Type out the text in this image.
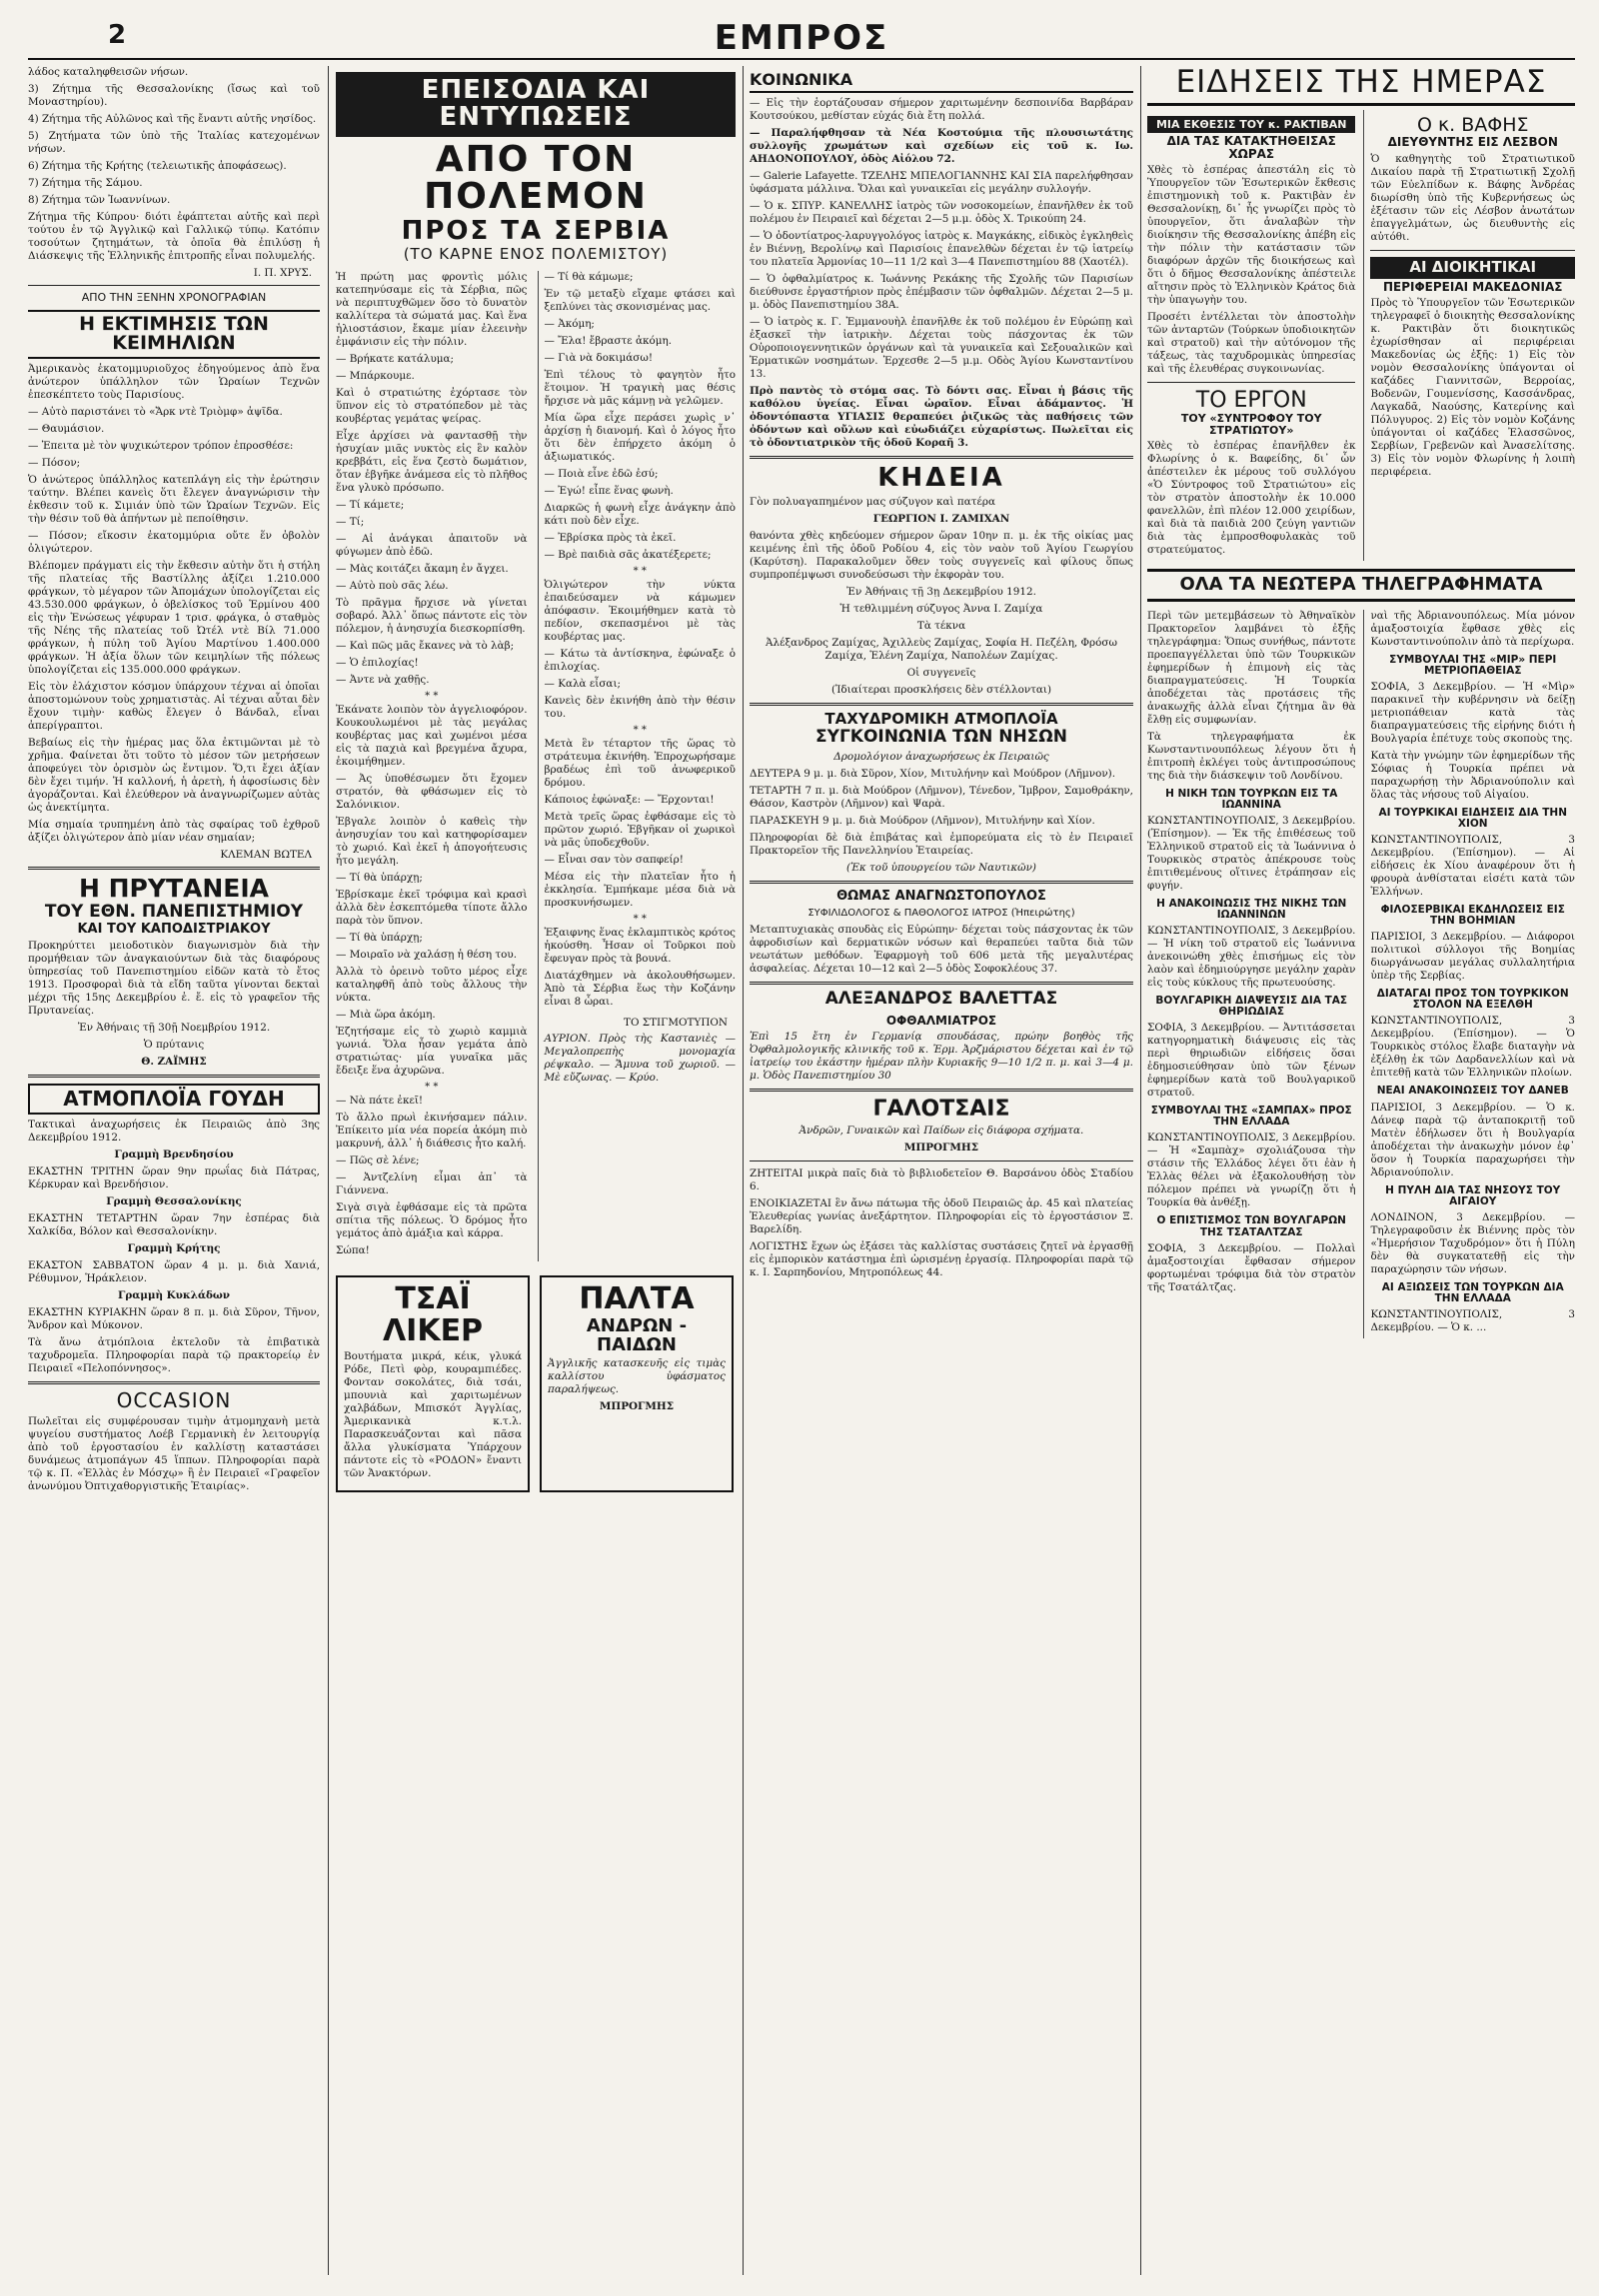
2	ΕΜΠΡΟΣ

λάδος καταληφθεισῶν νήσων.

3) Ζήτημα τῆς Θεσσαλονίκης (ἴσως καὶ τοῦ Μοναστηρίου).

4) Ζήτημα τῆς Αὐλῶνος καὶ τῆς ἔναντι αὐτῆς νησίδος.

5) Ζητήματα τῶν ὑπὸ τῆς Ἰταλίας κατεχομένων νήσων.

6) Ζήτημα τῆς Κρήτης (τελειωτικῆς ἀποφάσεως).

7) Ζήτημα τῆς Σάμου.

8) Ζήτημα τῶν Ἰωαννίνων.

Ζήτημα τῆς Κύπρου· διότι ἐφάπτεται αὐτῆς καὶ περὶ τούτου ἐν τῷ Ἀγγλικῷ καὶ Γαλλικῷ τύπῳ. Κατόπιν τοσούτων ζητημάτων, τὰ ὁποῖα θὰ ἐπιλύσῃ ἡ Διάσκεψις τῆς Ἑλληνικῆς ἐπιτροπῆς εἶναι πολυμελής.

Ι. Π. ΧΡΥΣ.
ΑΠΟ ΤΗΝ ΞΕΝΗΝ ΧΡΟΝΟΓΡΑΦΙΑΝ
Η ΕΚΤΙΜΗΣΙΣ ΤΩΝ ΚΕΙΜΗΛΙΩΝ

Ἀμερικανὸς ἑκατομμυριοῦχος ἐδηγούμενος ἀπὸ ἕνα ἀνώτερον ὑπάλληλον τῶν Ὡραίων Τεχνῶν ἐπεσκέπτετο τοὺς Παρισίους.

— Αὐτὸ παριστάνει τὸ «Ἄρκ ντὲ Τριὸμφ» ἀψῖδα.

— Θαυμάσιον.

— Ἐπειτα μὲ τὸν ψυχικώτερον τρόπον ἐπροσθέσε:

— Πόσον;

Ὁ ἀνώτερος ὑπάλληλος κατεπλάγη εἰς τὴν ἐρώτησιν ταύτην. Βλέπει κανεὶς ὅτι ἔλεγεν ἀναγνώρισιν τὴν ἐκθεσιν τοῦ κ. Σιμιάν ὑπὸ τῶν Ὡραίων Τεχνῶν. Εἰς τὴν θέσιν τοῦ θὰ ἀπήντων μὲ πεποίθησιν.

— Πόσον; εἴκοσιν ἑκατομμύρια οὔτε ἕν ὀβολὸν ὀλιγώτερον.

Βλέπομεν πράγματι εἰς τὴν ἔκθεσιν αὐτὴν ὅτι ἡ στήλη τῆς πλατείας τῆς Βαστίλλης ἀξίζει 1.210.000 φράγκων, τὸ μέγαρον τῶν Ἀπομάχων ὑπολογίζεται εἰς 43.530.000 φράγκων, ὁ ὀβελίσκος τοῦ Ἑρμίνου 400 εἰς τὴν Ἑνώσεως γέφυραν 1 τρισ. φράγκα, ὁ σταθμὸς τῆς Νέης τῆς πλατείας τοῦ Ὠτέλ ντὲ Βίλ 71.000 φράγκων, ἡ πύλη τοῦ Ἁγίου Μαρτίνου 1.400.000 φράγκων. Ἡ ἀξία ὅλων τῶν κειμηλίων τῆς πόλεως ὑπολογίζεται εἰς 135.000.000 φράγκων.

Εἰς τὸν ἐλάχιστον κόσμον ὑπάρχουν τέχναι αἱ ὁποῖαι ἀποστομώνουν τοὺς χρηματιστὰς. Αἱ τέχναι αὗται δὲν ἔχουν τιμὴν· καθὼς ἔλεγεν ὁ Βάνδαλ, εἶναι ἀπερίγραπτοι.

Βεβαίως εἰς τὴν ἡμέρας μας ὅλα ἐκτιμῶνται μὲ τὸ χρῆμα. Φαίνεται ὅτι τοῦτο τὸ μέσον τῶν μετρήσεων ἀποφεύγει τὸν ὁρισμὸν ὡς ἔντιμον. Ὅ,τι ἔχει ἀξίαν δὲν ἔχει τιμήν. Ἡ καλλονή, ἡ ἀρετὴ, ἡ ἀφοσίωσις δὲν ἀγοράζονται. Καὶ ἐλεύθερον νὰ ἀναγνωρίζωμεν αὐτὰς ὡς ἀνεκτίμητα.

Μία σημαία τρυπημένη ἀπὸ τὰς σφαίρας τοῦ ἐχθροῦ ἀξίζει ὀλιγώτερον ἀπὸ μίαν νέαν σημαίαν;

ΚΛΕΜΑΝ ΒΩΤΕΛ
Η ΠΡΥΤΑΝΕΙΑ
ΤΟΥ ΕΘΝ. ΠΑΝΕΠΙΣΤΗΜΙΟΥ
ΚΑΙ ΤΟΥ ΚΑΠΟΔΙΣΤΡΙΑΚΟΥ

Προκηρύττει μειοδοτικὸν διαγωνισμὸν διὰ τὴν προμήθειαν τῶν ἀναγκαιούντων διὰ τὰς διαφόρους ὑπηρεσίας τοῦ Πανεπιστημίου εἰδῶν κατὰ τὸ ἔτος 1913. Προσφοραὶ διὰ τὰ εἴδη ταῦτα γίνονται δεκταὶ μέχρι τῆς 15ης Δεκεμβρίου ἐ. ἔ. εἰς τὸ γραφεῖον τῆς Πρυτανείας.

Ἐν Ἀθήναις τῇ 30ῇ Νοεμβρίου 1912.

Ὁ πρύτανις

Θ. ΖΑΪΜΗΣ

ΑΤΜΟΠΛΟΪΑ ΓΟΥΔΗ

Τακτικαὶ ἀναχωρήσεις ἐκ Πειραιῶς ἀπὸ 3ης Δεκεμβρίου 1912.

Γραμμὴ Βρενδησίου

ΕΚΑΣΤΗΝ ΤΡΙΤΗΝ ὥραν 9ην πρωΐας διὰ Πάτρας, Κέρκυραν καὶ Βρενδήσιον.

Γραμμὴ Θεσσαλονίκης

ΕΚΑΣΤΗΝ ΤΕΤΑΡΤΗΝ ὥραν 7ην ἑσπέρας διὰ Χαλκίδα, Βόλον καὶ Θεσσαλονίκην.

Γραμμὴ Κρήτης

ΕΚΑΣΤΟΝ ΣΑΒΒΑΤΟΝ ὥραν 4 μ. μ. διὰ Χανιά, Ρέθυμνον, Ἡράκλειον.

Γραμμὴ Κυκλάδων

ΕΚΑΣΤΗΝ ΚΥΡΙΑΚΗΝ ὥραν 8 π. μ. διὰ Σῦρον, Τῆνον, Ἄνδρον καὶ Μύκονον.

Τὰ ἄνω ἀτμόπλοια ἐκτελοῦν τὰ ἐπιβατικὰ ταχυδρομεῖα. Πληροφορίαι παρὰ τῷ πρακτορείῳ ἐν Πειραιεῖ «Πελοπόννησος».

OCCASION

Πωλεῖται εἰς συμφέρουσαν τιμὴν ἀτμομηχανὴ μετὰ ψυγείου συστήματος Λοέβ Γερμανικὴ ἐν λειτουργίᾳ ἀπὸ τοῦ ἐργοστασίου ἐν καλλίστῃ καταστάσει δυνάμεως ἀτμοπάγων 45 ἵππων. Πληροφορίαι παρὰ τῷ κ. Π. «Ἑλλὰς ἐν Μόσχῳ» ἢ ἐν Πειραιεῖ «Γραφεῖον ἀνωνύμου Ὀπτιχαθοργιστικῆς Ἑταιρίας».

ΕΠΕΙΣΟΔΙΑ ΚΑΙ ΕΝΤΥΠΩΣΕΙΣ
ΑΠΟ ΤΟΝ ΠΟΛΕΜΟΝ
ΠΡΟΣ ΤΑ ΣΕΡΒΙΑ
(ΤΟ ΚΑΡΝΕ ΕΝΟΣ ΠΟΛΕΜΙΣΤΟΥ)

Ἡ πρώτη μας φροντὶς μόλις κατεπηνύσαμε εἰς τὰ Σέρβια, πῶς νὰ περιπτυχθῶμεν ὅσο τὸ δυνατὸν καλλίτερα τὰ σώματά μας. Καὶ ἕνα ἡλιοστάσιον, ἔκαμε μίαν ἐλεεινὴν ἐμφάνισιν εἰς τὴν πόλιν.

— Βρήκατε κατάλυμα;

— Μπάρκουμε.

Καὶ ὁ στρατιώτης ἐχόρτασε τὸν ὕπνον εἰς τὸ στρατόπεδον μὲ τὰς κουβέρτας γεμάτας ψείρας.

Εἶχε ἀρχίσει νὰ φαντασθῇ τὴν ἡσυχίαν μιᾶς νυκτὸς εἰς ἓν καλὸν κρεββάτι, εἰς ἕνα ζεστὸ δωμάτιον, ὅταν ἐβγῆκε ἀνάμεσα εἰς τὸ πλῆθος ἕνα γλυκὸ πρόσωπο.

— Τί κάμετε;

— Τί;

— Αἱ ἀνάγκαι ἀπαιτοῦν νὰ φύγωμεν ἀπὸ ἐδῶ.

— Μὰς κοιτάζει ἄκαμη ἐν ἄγχει.

— Αὐτὸ ποὺ σᾶς λέω.

Τὸ πρᾶγμα ἤρχισε νὰ γίνεται σοβαρό. Ἀλλ᾿ ὅπως πάντοτε εἰς τὸν πόλεμον, ἡ ἀνησυχία διεσκορπίσθη.

— Καὶ πῶς μᾶς ἔκανες νὰ τὸ λὰβ;

— Ὁ ἐπιλοχίας!

— Ἀντε νὰ χαθῇς.

* *

Ἐκάνατε λοιπὸν τὸν ἀγγελιοφόρον. Κουκουλωμένοι μὲ τὰς μεγάλας κουβέρτας μας καὶ χωμένοι μέσα εἰς τὰ παχιὰ καὶ βρεγμένα ἄχυρα, ἐκοιμήθημεν.

— Ἀς ὑποθέσωμεν ὅτι ἔχομεν στρατόν, θὰ φθάσωμεν εἰς τὸ Σαλόνικιον.

Ἐβγαλε λοιπὸν ὁ καθεὶς τὴν ἀνησυχίαν του καὶ κατηφορίσαμεν τὸ χωριό. Καὶ ἐκεῖ ἡ ἀπογοήτευσις ἦτο μεγάλη.

— Τί θὰ ὑπάρχῃ;

Ἐβρίσκαμε ἐκεῖ τρόφιμα καὶ κρασὶ ἀλλὰ δὲν ἐσκεπτόμεθα τίποτε ἄλλο παρὰ τὸν ὕπνον.

— Τί θὰ ὑπάρχῃ;

— Μοιραῖο νὰ χαλάσῃ ἡ θέση του.

Ἀλλὰ τὸ ὀρεινὸ τοῦτο μέρος εἶχε καταληφθῆ ἀπὸ τοὺς ἄλλους τὴν νύκτα.

— Μιὰ ὥρα ἀκόμη.

Ἐζητήσαμε εἰς τὸ χωριὸ καμμιὰ γωνιά. Ὅλα ἦσαν γεμάτα ἀπὸ στρατιώτας· μία γυναῖκα μᾶς ἔδειξε ἕνα ἀχυρῶνα.

* *

— Νὰ πάτε ἐκεῖ!

Τὸ ἄλλο πρωὶ ἐκινήσαμεν πάλιν. Ἐπίκειτο μία νέα πορεία ἀκόμη πιὸ μακρυνή, ἀλλ᾿ ἡ διάθεσις ἦτο καλή.

— Πῶς σὲ λένε;

— Ἀντζελίνη εἶμαι ἀπ᾿ τὰ Γιάννενα.

Σιγὰ σιγὰ ἐφθάσαμε εἰς τὰ πρῶτα σπίτια τῆς πόλεως. Ὁ δρόμος ἦτο γεμάτος ἀπὸ ἁμάξια καὶ κάρρα.

Σώπα!

— Τί θὰ κάμωμε;

Ἐν τῷ μεταξὺ εἴχαμε φτάσει καὶ ξεπλύνει τὰς σκονισμένας μας.

— Ἀκόμη;

— Ἔλα! ἔβραστε ἀκόμη.

— Γιὰ νὰ δοκιμάσω!

Ἐπὶ τέλους τὸ φαγητὸν ἦτο ἕτοιμον. Ἡ τραγικὴ μας θέσις ἤρχισε νὰ μᾶς κάμνῃ νὰ γελῶμεν.

Μία ὥρα εἶχε περάσει χωρὶς ν᾿ ἀρχίσῃ ἡ διανομή. Καὶ ὁ λόγος ἦτο ὅτι δὲν ἐπήρχετο ἀκόμη ὁ ἀξιωματικός.

— Ποιὰ εἶνε ἐδῶ ἐσύ;

— Ἐγώ! εἶπε ἕνας φωνὴ.

Διαρκῶς ἡ φωνὴ εἶχε ἀνάγκην ἀπὸ κάτι ποὺ δὲν εἶχε.

— Ἐβρίσκα πρὸς τὰ ἐκεῖ.

— Βρὲ παιδιὰ σᾶς ἀκατέξερετε;

* *

Ὀλιγώτερον τὴν νύκτα ἐπαιδεύσαμεν νὰ κάμωμεν ἀπόφασιν. Ἐκοιμήθημεν κατὰ τὸ πεδίον, σκεπασμένοι μὲ τὰς κουβέρτας μας.

— Κάτω τὰ ἀντίσκηνα, ἐφώναξε ὁ ἐπιλοχίας.

— Καλὰ εἶσαι;

Κανεὶς δὲν ἐκινήθη ἀπὸ τὴν θέσιν του.

* *

Μετὰ ἓν τέταρτον τῆς ὥρας τὸ στράτευμα ἐκινήθη. Ἐπροχωρήσαμε βραδέως ἐπὶ τοῦ ἀνωφερικοῦ δρόμου.

Κάποιος ἐφώναξε: — Ἔρχονται!

Μετὰ τρεῖς ὥρας ἐφθάσαμε εἰς τὸ πρῶτον χωριό. Ἐβγῆκαν οἱ χωρικοὶ νὰ μᾶς ὑποδεχθοῦν.

— Εἶναι σαν τὸν σαπφείρ!

Μέσα εἰς τὴν πλατεῖαν ἦτο ἡ ἐκκλησία. Ἐμπήκαμε μέσα διὰ νὰ προσκυνήσωμεν.

* *

Ἐξαιφνης ἕνας ἐκλαμπτικὸς κρότος ἠκούσθη. Ἦσαν οἱ Τοῦρκοι ποὺ ἔφευγαν πρὸς τὰ βουνά.

Διατάχθημεν νὰ ἀκολουθήσωμεν. Ἀπὸ τὰ Σέρβια ἕως τὴν Κοζάνην εἶναι 8 ὧραι.

ΤΟ ΣΤΙΓΜΟΤΥΠΟΝ

ΑΥΡΙΟΝ. Πρὸς τὴς Καστανιὲς — Μεγαλοπρεπὴς μονομαχία ρέψκαλο. — Ἄμυνα τοῦ χωριοῦ. — Μὲ εὔζωνας. — Κρύο.

ΤΣΑΪ ΛΙΚΕΡ

Βουτήματα μικρά, κέικ, γλυκά Ρόδε, Πετὶ φὸρ, κουραμπιέδες. Φονταν σοκολάτες, διὰ τσάι, μπουνιὰ καὶ χαριτωμένων χαλβάδων, Μπισκότ Ἀγγλίας, Ἀμερικανικὰ κ.τ.λ. Παρασκευάζονται καὶ πᾶσα ἄλλα γλυκίσματα Ὑπάρχουν πάντοτε εἰς τὸ «ΡΟΔΟΝ» ἔναντι τῶν Ἀνακτόρων.

ΠΑΛΤΑ
ΑΝΔΡΩΝ - ΠΑΙΔΩΝ

Ἀγγλικῆς κατασκευῆς εἰς τιμὰς καλλίστου ὑφάσματος παραλήψεως.

ΜΠΡΟΓΜΗΣ

ΚΟΙΝΩΝΙΚΑ

— Εἰς τὴν ἑορτάζουσαν σήμερον χαριτωμένην δεσποινίδα Βαρβάραν Κουτσούκου, μεθίσταν εὐχάς διὰ ἔτη πολλά.

— Παραλήφθησαν τὰ Νέα Κοστούμια τῆς πλουσιωτάτης συλλογῆς χρωμάτων καὶ σχεδίων εἰς τοῦ κ. Ιω. ΑΗΔΟΝΟΠΟΥΛΟΥ, ὁδὸς Αἰόλου 72.

— Galerie Lafayette. ΤΖΕΛΗΣ ΜΠΕΛΟΓΙΑΝΝΗΣ ΚΑΙ ΣΙΑ παρελήφθησαν ὑφάσματα μάλλινα. Ὅλαι καὶ γυναικεῖαι εἰς μεγάλην συλλογήν.

— Ὁ κ. ΣΠΥΡ. ΚΑΝΕΛΛΗΣ ἰατρὸς τῶν νοσοκομείων, ἐπανῆλθεν ἐκ τοῦ πολέμου ἐν Πειραιεῖ καὶ δέχεται 2—5 μ.μ. ὁδὸς Χ. Τρικούπη 24.

— Ὁ ὀδοντίατρος-λαρυγγολόγος ἰατρὸς κ. Μαγκάκης, εἰδικὸς ἐγκληθεὶς ἐν Βιέννῃ, Βερολίνῳ καὶ Παρισίοις ἐπανελθὼν δέχεται ἐν τῷ ἰατρείῳ του πλατεῖα Ἁρμονίας 10—11 1/2 καὶ 3—4 Πανεπιστημίου 88 (Χαοτέλ).

— Ὁ ὀφθαλμίατρος κ. Ἰωάννης Ρεκάκης τῆς Σχολῆς τῶν Παρισίων διεύθυνσε ἐργαστήριον πρὸς ἐπέμβασιν τῶν ὀφθαλμῶν. Δέχεται 2—5 μ. μ. ὁδὸς Πανεπιστημίου 38Α.

— Ὁ ἰατρὸς κ. Γ. Ἐμμανουὴλ ἐπανῆλθε ἐκ τοῦ πολέμου ἐν Εὐρώπῃ καὶ ἐξασκεῖ τὴν ἰατρικὴν. Δέχεται τοὺς πάσχοντας ἐκ τῶν Οὐροποιογεννητικῶν ὀργάνων καὶ τὰ γυναικεῖα καὶ Σεξουαλικῶν καὶ Ἑρματικῶν νοσημάτων. Ἐρχεσθε 2—5 μ.μ. Οδὸς Ἁγίου Κωνσταντίνου 13.

Πρὸ παντὸς τὸ στόμα σας. Τὸ δόντι σας. Εἶναι ἡ βάσις τῆς καθόλου ὑγείας. Εἶναι ὠραῖον. Εἶναι ἀδάμαντος. Ἡ ὀδοντόπαστα ΥΓΙΑΣΙΣ θεραπεύει ῥιζικῶς τὰς παθήσεις τῶν ὀδόντων καὶ οὔλων καὶ εὐωδιάζει εὐχαρίστως. Πωλεῖται εἰς τὸ ὀδοντιατρικὸν τῆς ὁδοῦ Κοραῆ 3.

ΚΗΔΕΙΑ

Γὸν πολυαγαπημένον μας σύζυγον καὶ πατέρα

ΓΕΩΡΓΙΟΝ Ι. ΖΑΜΙΧΑΝ

θανόντα χθὲς κηδεύομεν σήμερον ὥραν 10ην π. μ. ἐκ τῆς οἰκίας μας κειμένης ἐπὶ τῆς ὁδοῦ Ροδίου 4, εἰς τὸν ναὸν τοῦ Ἁγίου Γεωργίου (Καρύτση). Παρακαλοῦμεν ὅθεν τοὺς συγγενεῖς καὶ φίλους ὅπως συμπροπέμψωσι συνοδεύσωσι τὴν ἐκφορὰν του.

Ἐν Ἀθήναις τῇ 3ῃ Δεκεμβρίου 1912.

Ἡ τεθλιμμένη σύζυγος Ἀννα Ι. Ζαμίχα

Τὰ τέκνα

Ἀλέξανδρος Ζαμίχας, Ἀχιλλεὺς Ζαμίχας, Σοφία Η. Πεζέλη, Φρόσω Ζαμίχα, Ἑλένη Ζαμίχα, Ναπολέων Ζαμίχας.

Οἱ συγγενεῖς

(Ἰδιαίτεραι προσκλήσεις δὲν στέλλονται)

ΤΑΧΥΔΡΟΜΙΚΗ ΑΤΜΟΠΛΟΪΑ
ΣΥΓΚΟΙΝΩΝΙΑ ΤΩΝ ΝΗΣΩΝ

Δρομολόγιον ἀναχωρήσεως ἐκ Πειραιῶς

ΔΕΥΤΕΡΑ 9 μ. μ. διὰ Σῦρον, Χίον, Μιτυλήνην καὶ Μούδρον (Λῆμνον).

ΤΕΤΑΡΤΗ 7 π. μ. διὰ Μούδρον (Λῆμνον), Τένεδον, Ἴμβρον, Σαμοθράκην, Θάσον, Καστρὸν (Λῆμνον) καὶ Ψαρὰ.

ΠΑΡΑΣΚΕΥΗ 9 μ. μ. διὰ Μούδρον (Λῆμνον), Μιτυλήνην καὶ Χίον.

Πληροφορίαι δὲ διὰ ἐπιβάτας καὶ ἐμπορεύματα εἰς τὸ ἐν Πειραιεῖ Πρακτορεῖον τῆς Πανελληνίου Ἑταιρείας.

(Ἐκ τοῦ ὑπουργείου τῶν Ναυτικῶν)

ΘΩΜΑΣ ΑΝΑΓΝΩΣΤΟΠΟΥΛΟΣ
ΣΥΦΙΛΙΔΟΛΟΓΟΣ & ΠΑΘΟΛΟΓΟΣ ΙΑΤΡΟΣ (Ἠπειρώτης)

Μεταπτυχιακὰς σπουδὰς εἰς Εὐρώπην· δέχεται τοὺς πάσχοντας ἐκ τῶν ἀφροδισίων καὶ δερματικῶν νόσων καὶ θεραπεύει ταῦτα διὰ τῶν νεωτάτων μεθόδων. Ἐφαρμογὴ τοῦ 606 μετὰ τῆς μεγαλυτέρας ἀσφαλείας. Δέχεται 10—12 καὶ 2—5 ὁδὸς Σοφοκλέους 37.

ΑΛΕΞΑΝΔΡΟΣ ΒΑΛΕΤΤΑΣ
ΟΦΘΑΛΜΙΑΤΡΟΣ

Ἐπὶ 15 ἔτη ἐν Γερμανίᾳ σπουδάσας, πρώην βοηθὸς τῆς Ὀφθαλμολογικῆς κλινικῆς τοῦ κ. Ἐρμ. Ἀρζμάριστου δέχεται καὶ ἐν τῷ ἰατρείῳ του ἐκάστην ἡμέραν πλὴν Κυριακῆς 9—10 1/2 π. μ. καὶ 3—4 μ. μ. Ὁδὸς Πανεπιστημίου 30

ΓΑΛΟΤΣΑΙΣ

Ἀνδρῶν, Γυναικῶν καὶ Παίδων εἰς διάφορα σχήματα.

ΜΠΡΟΓΜΗΣ

ΖΗΤΕΙΤΑΙ μικρὰ παῖς διὰ τὸ βιβλιοδετεῖον Θ. Βαρσάνου ὁδὸς Σταδίου 6.

ΕΝΟΙΚΙΑΖΕΤΑΙ ἓν ἄνω πάτωμα τῆς ὁδοῦ Πειραιῶς ἀρ. 45 καὶ πλατείας Ἐλευθερίας γωνίας ἀνεξάρτητον. Πληροφορίαι εἰς τὸ ἐργοστάσιον Ξ. Βαρελίδη.

ΛΟΓΙΣΤΗΣ ἔχων ὡς ἐξάσει τὰς καλλίστας συστάσεις ζητεῖ νὰ ἐργασθῇ εἰς ἐμπορικὸν κατάστημα ἐπὶ ὡρισμένῃ ἐργασίᾳ. Πληροφορίαι παρὰ τῷ κ. Ι. Σαρπηδονίου, Μητροπόλεως 44.

ΕΙΔΗΣΕΙΣ ΤΗΣ ΗΜΕΡΑΣ
ΜΙΑ ΕΚΘΕΣΙΣ ΤΟΥ κ. ΡΑΚΤΙΒΑΝ
ΔΙΑ ΤΑΣ ΚΑΤΑΚΤΗΘΕΙΣΑΣ ΧΩΡΑΣ

Χθὲς τὸ ἑσπέρας ἀπεστάλη εἰς τὸ Ὑπουργεῖον τῶν Ἐσωτερικῶν ἔκθεσις ἐπιστημονικὴ τοῦ κ. Ρακτιβὰν ἐν Θεσσαλονίκῃ, δι᾿ ἧς γνωρίζει πρὸς τὸ ὑπουργεῖον, ὅτι ἀναλαβὼν τὴν διοίκησιν τῆς Θεσσαλονίκης ἀπέβη εἰς τὴν πόλιν τὴν κατάστασιν τῶν διαφόρων ἀρχῶν τῆς διοικήσεως καὶ ὅτι ὁ δῆμος Θεσσαλονίκης ἀπέστειλε αἴτησιν πρὸς τὸ Ἑλληνικὸν Κράτος διὰ τὴν ὑπαγωγὴν του.

Προσέτι ἐντέλλεται τὸν ἀποστολὴν τῶν ἀνταρτῶν (Τούρκων ὑποδιοικητῶν καὶ στρατοῦ) καὶ τὴν αὐτόνομον τῆς τάξεως, τὰς ταχυδρομικὰς ὑπηρεσίας καὶ τῆς ἐλευθέρας συγκοινωνίας.

ΤΟ ΕΡΓΟΝ
ΤΟΥ «ΣΥΝΤΡΟΦΟΥ ΤΟΥ ΣΤΡΑΤΙΩΤΟΥ»

Χθὲς τὸ ἑσπέρας ἐπανῆλθεν ἐκ Φλωρίνης ὁ κ. Βαφείδης, δι᾿ ὧν ἀπέστειλεν ἐκ μέρους τοῦ συλλόγου «Ὁ Σύντροφος τοῦ Στρατιώτου» εἰς τὸν στρατὸν ἀποστολὴν ἐκ 10.000 φανελλῶν, ἐπὶ πλέον 12.000 χειρίδων, καὶ διὰ τὰ παιδιὰ 200 ζεύγη γαντιῶν διὰ τὰς ἐμπροσθοφυλακὰς τοῦ στρατεύματος.

Ο κ. ΒΑΦΗΣ
ΔΙΕΥΘΥΝΤΗΣ ΕΙΣ ΛΕΣΒΟΝ

Ὁ καθηγητὴς τοῦ Στρατιωτικοῦ Δικαίου παρὰ τῇ Στρατιωτικῇ Σχολῇ τῶν Εὐελπίδων κ. Βάφης Ἀνδρέας διωρίσθη ὑπὸ τῆς Κυβερνήσεως ὡς ἐξέτασιν τῶν εἰς Λέσβον ἀνωτάτων ἐπαγγελμάτων, ὡς διευθυντὴς εἰς αὐτόθι.

ΑΙ ΔΙΟΙΚΗΤΙΚΑΙ
ΠΕΡΙΦΕΡΕΙΑΙ ΜΑΚΕΔΟΝΙΑΣ

Πρὸς τὸ Ὑπουργεῖον τῶν Ἐσωτερικῶν τηλεγραφεῖ ὁ διοικητὴς Θεσσαλονίκης κ. Ρακτιβὰν ὅτι διοικητικῶς ἐχωρίσθησαν αἱ περιφέρειαι Μακεδονίας ὡς ἑξῆς: 1) Εἰς τὸν νομὸν Θεσσαλονίκης ὑπάγονται οἱ καζάδες Γιαννιτσῶν, Βερροίας, Βοδενῶν, Γουμενίσσης, Κασσάνδρας, Λαγκαδᾶ, Ναούσης, Κατερίνης καὶ Πόλυγυρος. 2) Εἰς τὸν νομὸν Κοζάνης ὑπάγονται οἱ καζάδες Ἐλασσῶνος, Σερβίων, Γρεβενῶν καὶ Ἀνασελίτσης. 3) Εἰς τὸν νομὸν Φλωρίνης ἡ λοιπὴ περιφέρεια.

ΟΛΑ ΤΑ ΝΕΩΤΕΡΑ ΤΗΛΕΓΡΑΦΗΜΑΤΑ

Περὶ τῶν μετεμβάσεων τὸ Ἀθηναϊκὸν Πρακτορεῖον λαμβάνει τὸ ἐξῆς τηλεγράφημα: Ὅπως συνήθως, πάντοτε προεπαγγέλλεται ὑπὸ τῶν Τουρκικῶν ἐφημερίδων ἡ ἐπιμονὴ εἰς τὰς διαπραγματεύσεις. Ἡ Τουρκία ἀποδέχεται τὰς προτάσεις τῆς ἀνακωχῆς ἀλλὰ εἶναι ζήτημα ἂν θὰ ἔλθῃ εἰς συμφωνίαν.

Τὰ τηλεγραφήματα ἐκ Κωνσταντινουπόλεως λέγουν ὅτι ἡ ἐπιτροπὴ ἐκλέγει τοὺς ἀντιπροσώπους της διὰ τὴν διάσκεψιν τοῦ Λονδίνου.

Η ΝΙΚΗ ΤΩΝ ΤΟΥΡΚΩΝ ΕΙΣ ΤΑ ΙΩΑΝΝΙΝΑ

ΚΩΝΣΤΑΝΤΙΝΟΥΠΟΛΙΣ, 3 Δεκεμβρίου. (Ἐπίσημον). — Ἐκ τῆς ἐπιθέσεως τοῦ Ἑλληνικοῦ στρατοῦ εἰς τὰ Ἰωάννινα ὁ Τουρκικὸς στρατὸς ἀπέκρουσε τοὺς ἐπιτιθεμένους οἵτινες ἐτράπησαν εἰς φυγήν.

Η ΑΝΑΚΟΙΝΩΣΙΣ ΤΗΣ ΝΙΚΗΣ ΤΩΝ ΙΩΑΝΝΙΝΩΝ

ΚΩΝΣΤΑΝΤΙΝΟΥΠΟΛΙΣ, 3 Δεκεμβρίου. — Ἡ νίκη τοῦ στρατοῦ εἰς Ἰωάννινα ἀνεκοινώθη χθὲς ἐπισήμως εἰς τὸν λαὸν καὶ ἐδημιούργησε μεγάλην χαρὰν εἰς τοὺς κύκλους τῆς πρωτευούσης.

ΒΟΥΛΓΑΡΙΚΗ ΔΙΑΨΕΥΣΙΣ ΔΙΑ ΤΑΣ ΘΗΡΙΩΔΙΑΣ

ΣΟΦΙΑ, 3 Δεκεμβρίου. — Ἀντιτάσσεται κατηγορηματικὴ διάψευσις εἰς τὰς περὶ θηριωδιῶν εἰδήσεις ὅσαι ἐδημοσιεύθησαν ὑπὸ τῶν ξένων ἐφημερίδων κατὰ τοῦ Βουλγαρικοῦ στρατοῦ.

ΣΥΜΒΟΥΛΑΙ ΤΗΣ «ΣΑΜΠΑΧ» ΠΡΟΣ ΤΗΝ ΕΛΛΑΔΑ

ΚΩΝΣΤΑΝΤΙΝΟΥΠΟΛΙΣ, 3 Δεκεμβρίου. — Ἡ «Σαμπὰχ» σχολιάζουσα τὴν στάσιν τῆς Ἑλλάδος λέγει ὅτι ἐὰν ἡ Ἑλλὰς θέλει νὰ ἐξακολουθήσῃ τὸν πόλεμον πρέπει νὰ γνωρίζῃ ὅτι ἡ Τουρκία θὰ ἀνθέξῃ.

Ο ΕΠΙΣΤΙΣΜΟΣ ΤΩΝ ΒΟΥΛΓΑΡΩΝ ΤΗΣ ΤΣΑΤΑΛΤΖΑΣ

ΣΟΦΙΑ, 3 Δεκεμβρίου. — Πολλαὶ ἁμαξοστοιχίαι ἔφθασαν σήμερον φορτωμέναι τρόφιμα διὰ τὸν στρατὸν τῆς Τσατάλτζας.

ναὶ τῆς Ἀδριανουπόλεως. Μία μόνον ἀμαξοστοιχία ἔφθασε χθὲς εἰς Κωνσταντινούπολιν ἀπὸ τὰ περίχωρα.

ΣΥΜΒΟΥΛΑΙ ΤΗΣ «ΜΙΡ» ΠΕΡΙ ΜΕΤΡΙΟΠΑΘΕΙΑΣ

ΣΟΦΙΑ, 3 Δεκεμβρίου. — Ἡ «Μὶρ» παρακινεῖ τὴν κυβέρνησιν νὰ δείξῃ μετριοπάθειαν κατὰ τὰς διαπραγματεύσεις τῆς εἰρήνης διότι ἡ Βουλγαρία ἐπέτυχε τοὺς σκοποὺς της.

Κατὰ τὴν γνώμην τῶν ἐφημερίδων τῆς Σόφιας ἡ Τουρκία πρέπει νὰ παραχωρήσῃ τὴν Ἀδριανούπολιν καὶ ὅλας τὰς νήσους τοῦ Αἰγαίου.

ΑΙ ΤΟΥΡΚΙΚΑΙ ΕΙΔΗΣΕΙΣ ΔΙΑ ΤΗΝ ΧΙΟΝ

ΚΩΝΣΤΑΝΤΙΝΟΥΠΟΛΙΣ, 3 Δεκεμβρίου. (Ἐπίσημον). — Αἱ εἰδήσεις ἐκ Χίου ἀναφέρουν ὅτι ἡ φρουρὰ ἀνθίσταται εἰσέτι κατὰ τῶν Ἑλλήνων.

ΦΙΛΟΣΕΡΒΙΚΑΙ ΕΚΔΗΛΩΣΕΙΣ ΕΙΣ ΤΗΝ ΒΟΗΜΙΑΝ

ΠΑΡΙΣΙΟΙ, 3 Δεκεμβρίου. — Διάφοροι πολιτικοὶ σύλλογοι τῆς Βοημίας διωργάνωσαν μεγάλας συλλαλητήρια ὑπὲρ τῆς Σερβίας.

ΔΙΑΤΑΓΑΙ ΠΡΟΣ ΤΟΝ ΤΟΥΡΚΙΚΟΝ ΣΤΟΛΟΝ ΝΑ ΕΞΕΛΘΗ

ΚΩΝΣΤΑΝΤΙΝΟΥΠΟΛΙΣ, 3 Δεκεμβρίου. (Ἐπίσημον). — Ὁ Τουρκικὸς στόλος ἔλαβε διαταγὴν νὰ ἐξέλθῃ ἐκ τῶν Δαρδανελλίων καὶ νὰ ἐπιτεθῇ κατὰ τῶν Ἑλληνικῶν πλοίων.

ΝΕΑΙ ΑΝΑΚΟΙΝΩΣΕΙΣ ΤΟΥ ΔΑΝΕΒ

ΠΑΡΙΣΙΟΙ, 3 Δεκεμβρίου. — Ὁ κ. Δάνεφ παρὰ τῷ ἀνταποκριτῇ τοῦ Ματὲν ἐδήλωσεν ὅτι ἡ Βουλγαρία ἀποδέχεται τὴν ἀνακωχὴν μόνον ἐφ᾿ ὅσον ἡ Τουρκία παραχωρήσει τὴν Ἀδριανούπολιν.

Η ΠΥΛΗ ΔΙΑ ΤΑΣ ΝΗΣΟΥΣ ΤΟΥ ΑΙΓΑΙΟΥ

ΛΟΝΔΙΝΟΝ, 3 Δεκεμβρίου. — Τηλεγραφοῦσιν ἐκ Βιέννης πρὸς τὸν «Ἡμερήσιον Ταχυδρόμον» ὅτι ἡ Πύλη δὲν θὰ συγκατατεθῇ εἰς τὴν παραχώρησιν τῶν νήσων.

ΑΙ ΑΞΙΩΣΕΙΣ ΤΩΝ ΤΟΥΡΚΩΝ ΔΙΑ ΤΗΝ ΕΛΛΑΔΑ

ΚΩΝΣΤΑΝΤΙΝΟΥΠΟΛΙΣ, 3 Δεκεμβρίου. — Ὁ κ. ...
